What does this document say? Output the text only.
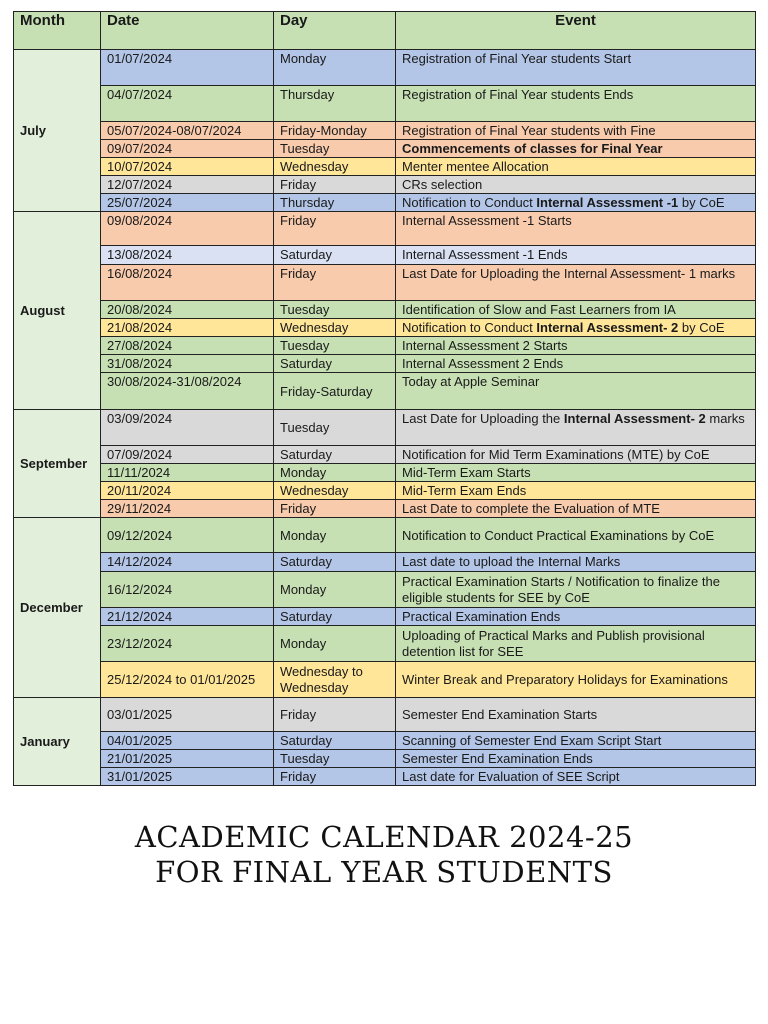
Month	Date	Day	Event
July	01/07/2024	Monday	Registration of Final Year students Start
	04/07/2024	Thursday	Registration of Final Year students Ends
	05/07/2024-08/07/2024	Friday-Monday	Registration of Final Year students with Fine
	09/07/2024	Tuesday	Commencements of classes for Final Year
	10/07/2024	Wednesday	Menter mentee Allocation
	12/07/2024	Friday	CRs selection
	25/07/2024	Thursday	Notification to Conduct Internal Assessment -1 by CoE
August	09/08/2024	Friday	Internal Assessment -1 Starts
	13/08/2024	Saturday	Internal Assessment -1 Ends
	16/08/2024	Friday	Last Date for Uploading the Internal Assessment- 1 marks
	20/08/2024	Tuesday	Identification of Slow and Fast Learners from IA
	21/08/2024	Wednesday	Notification to Conduct Internal Assessment- 2 by CoE
	27/08/2024	Tuesday	Internal Assessment 2 Starts
	31/08/2024	Saturday	Internal Assessment 2 Ends
	30/08/2024-31/08/2024	Friday-Saturday	Today at Apple Seminar
September	03/09/2024	Tuesday	Last Date for Uploading the Internal Assessment- 2 marks
	07/09/2024	Saturday	Notification for Mid Term Examinations (MTE) by CoE
	11/11/2024	Monday	Mid-Term Exam Starts
	20/11/2024	Wednesday	Mid-Term Exam Ends
	29/11/2024	Friday	Last Date to complete the Evaluation of MTE
December	09/12/2024	Monday	Notification to Conduct Practical Examinations by CoE
	14/12/2024	Saturday	Last date to upload the Internal Marks
	16/12/2024	Monday	Practical Examination Starts / Notification to finalize the eligible students for SEE by CoE
	21/12/2024	Saturday	Practical Examination Ends
	23/12/2024	Monday	Uploading of Practical Marks and Publish provisional detention list for SEE
	25/12/2024 to 01/01/2025	Wednesday to Wednesday	Winter Break and Preparatory Holidays for Examinations
January	03/01/2025	Friday	Semester End Examination Starts
	04/01/2025	Saturday	Scanning of Semester End Exam Script Start
	21/01/2025	Tuesday	Semester End Examination Ends
	31/01/2025	Friday	Last date for Evaluation of SEE Script
ACADEMIC CALENDAR 2024-25
FOR FINAL YEAR STUDENTS
